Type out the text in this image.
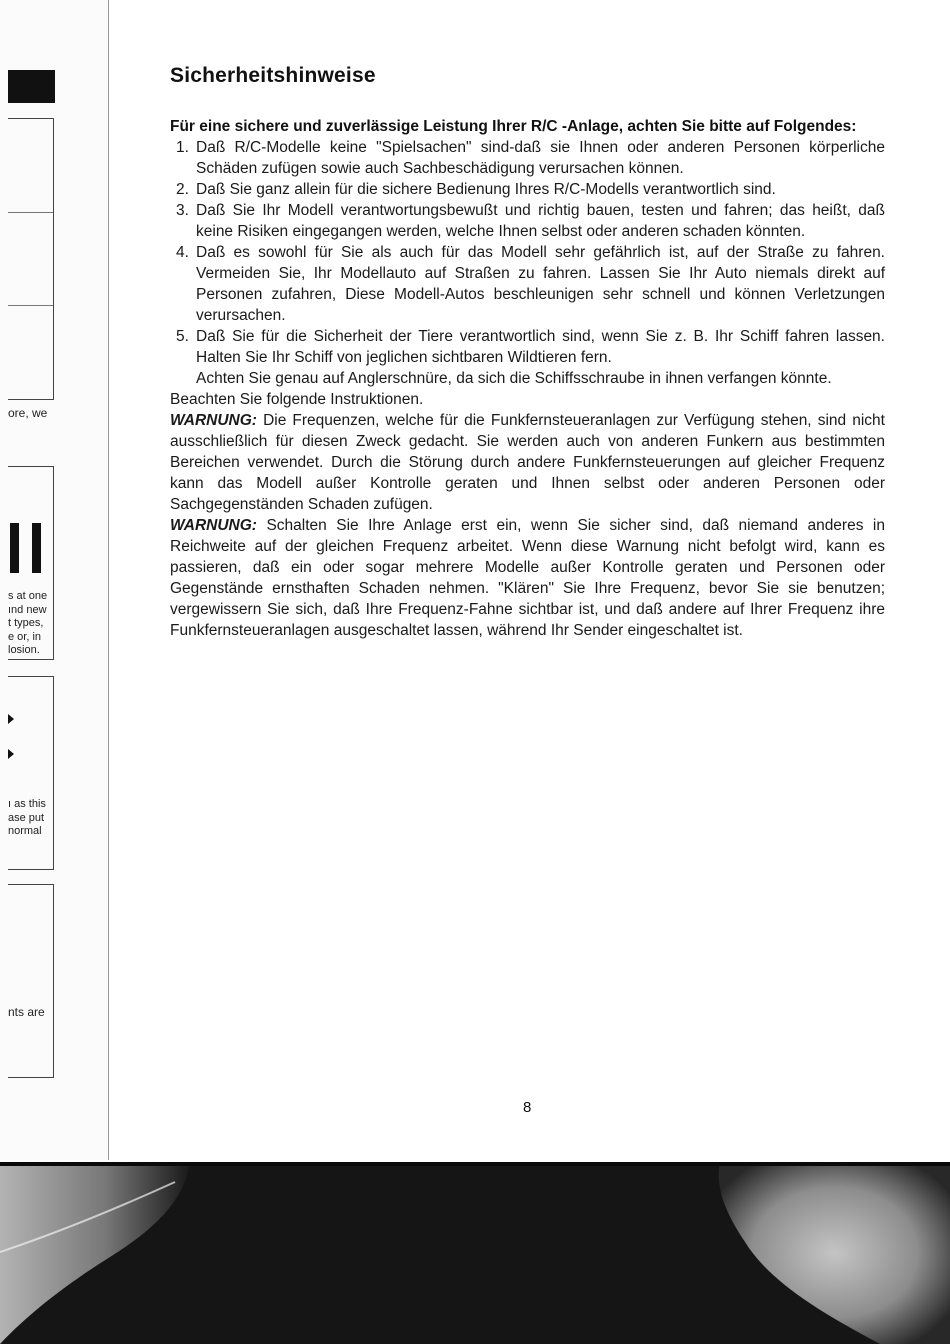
ore, we
s at one
ınd new
t types,
e or, in
losion.
ı as this
ase put
normal
nts are
Sicherheitshinweise
Für eine sichere und zuverlässige Leistung Ihrer R/C -Anlage, achten Sie bitte auf Folgendes:
1. Daß R/C-Modelle keine "Spielsachen" sind-daß sie Ihnen oder anderen Personen körperliche Schäden zufügen sowie auch Sachbeschädigung verursachen können.
2. Daß Sie ganz allein für die sichere Bedienung Ihres R/C-Modells verantwortlich sind.
3. Daß Sie Ihr Modell verantwortungsbewußt und richtig bauen, testen und fahren; das heißt, daß keine Risiken eingegangen werden, welche Ihnen selbst oder anderen schaden könnten.
4. Daß es sowohl für Sie als auch für das Modell sehr gefährlich ist, auf der Straße zu fahren. Vermeiden Sie, Ihr Modellauto auf Straßen zu fahren. Lassen Sie Ihr Auto niemals direkt auf Personen zufahren, Diese Modell-Autos beschleunigen sehr schnell und können Verletzungen verursachen.
5. Daß Sie für die Sicherheit der Tiere verantwortlich sind, wenn Sie z. B. Ihr Schiff fahren lassen. Halten Sie Ihr Schiff von jeglichen sichtbaren Wildtieren fern.
Achten Sie genau auf Anglerschnüre, da sich die Schiffsschraube in ihnen verfangen könnte.

Beachten Sie folgende Instruktionen.

WARNUNG: Die Frequenzen, welche für die Funkfernsteueranlagen zur Verfügung stehen, sind nicht ausschließlich für diesen Zweck gedacht. Sie werden auch von anderen Funkern aus bestimmten Bereichen verwendet. Durch die Störung durch andere Funkfernsteuerungen auf gleicher Frequenz kann das Modell außer Kontrolle geraten und Ihnen selbst oder anderen Personen oder Sachgegenständen Schaden zufügen.

WARNUNG: Schalten Sie Ihre Anlage erst ein, wenn Sie sicher sind, daß niemand anderes in Reichweite auf der gleichen Frequenz arbeitet. Wenn diese Warnung nicht befolgt wird, kann es passieren, daß ein oder sogar mehrere Modelle außer Kontrolle geraten und Personen oder Gegenstände ernsthaften Schaden nehmen. "Klären" Sie Ihre Frequenz, bevor Sie sie benutzen; vergewissern Sie sich, daß Ihre Frequenz-Fahne sichtbar ist, und daß andere auf Ihrer Frequenz ihre Funkfernsteueranlagen ausgeschaltet lassen, während Ihr Sender eingeschaltet ist.

8
